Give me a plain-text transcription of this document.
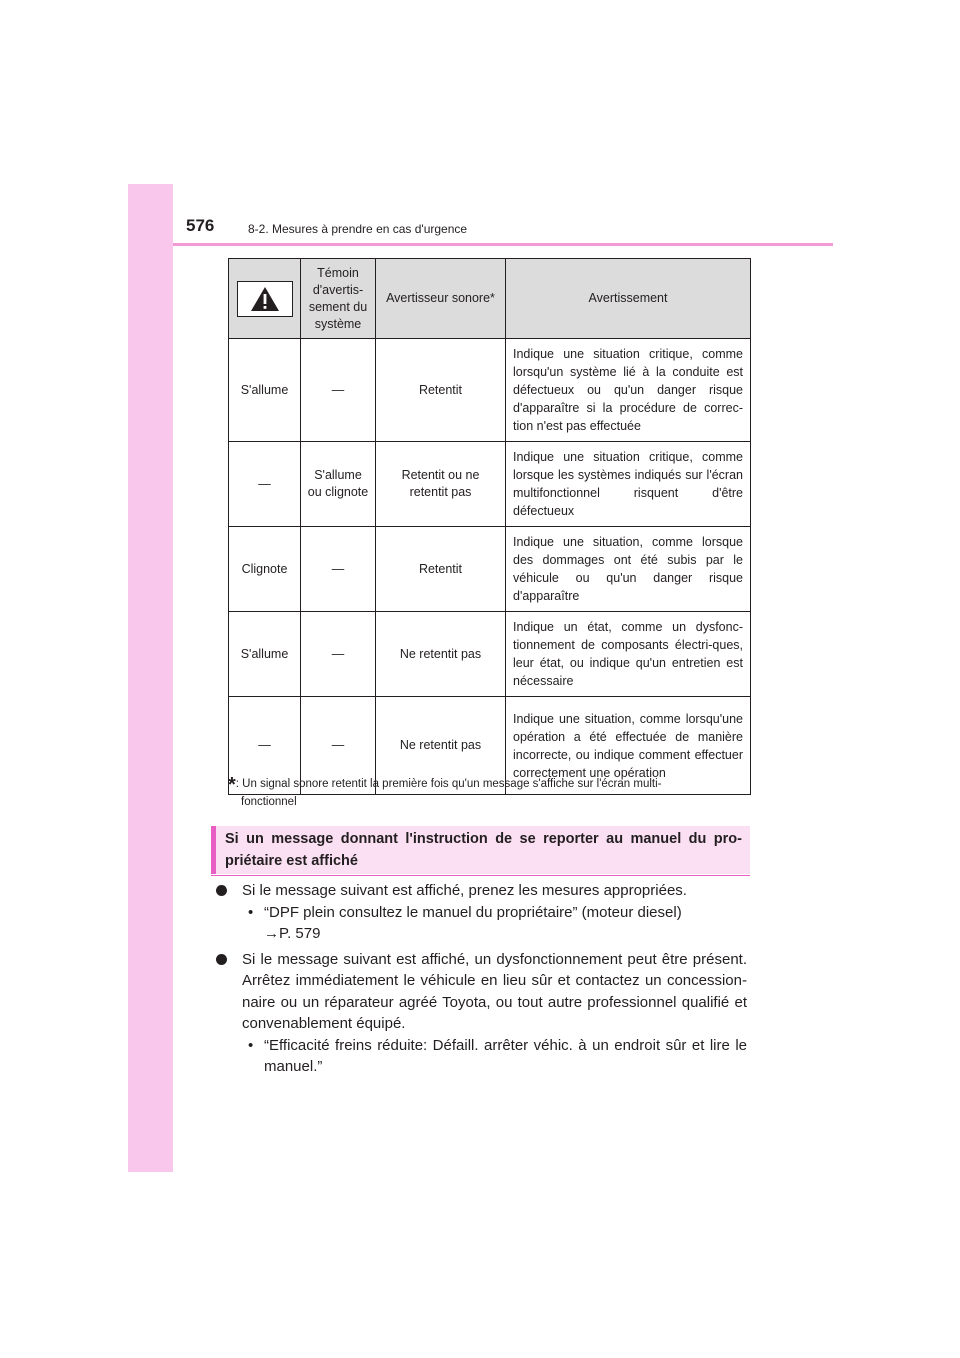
576	8-2. Mesures à prendre en cas d'urgence
	Témoin d'avertis-sement du système	Avertisseur sonore*	Avertissement
S'allume	—	Retentit	Indique une situation critique, comme lorsqu'un système lié à la conduite est défectueux ou qu'un danger risque d'apparaître si la procédure de correc-tion n'est pas effectuée
—	S'allume ou clignote	Retentit ou ne retentit pas	Indique une situation critique, comme lorsque les systèmes indiqués sur l'écran multifonctionnel risquent d'être défectueux
Clignote	—	Retentit	Indique une situation, comme lorsque des dommages ont été subis par le véhicule ou qu'un danger risque d'apparaître
S'allume	—	Ne retentit pas	Indique un état, comme un dysfonc-tionnement de composants électri-ques, leur état, ou indique qu'un entretien est nécessaire
—	—	Ne retentit pas	Indique une situation, comme lorsqu'une opération a été effectuée de manière incorrecte, ou indique comment effectuer correctement une opération
*: Un signal sonore retentit la première fois qu'un message s'affiche sur l'écran multi-
fonctionnel
Si un message donnant l'instruction de se reporter au manuel du pro-priétaire est affiché
Si le message suivant est affiché, prenez les mesures appropriées.
• “DPF plein consultez le manuel du propriétaire” (moteur diesel)
→P. 579
Si le message suivant est affiché, un dysfonctionnement peut être présent. Arrêtez immédiatement le véhicule en lieu sûr et contactez un concession-naire ou un réparateur agréé Toyota, ou tout autre professionnel qualifié et convenablement équipé.
• “Efficacité freins réduite: Défaill. arrêter véhic. à un endroit sûr et lire le manuel.”
